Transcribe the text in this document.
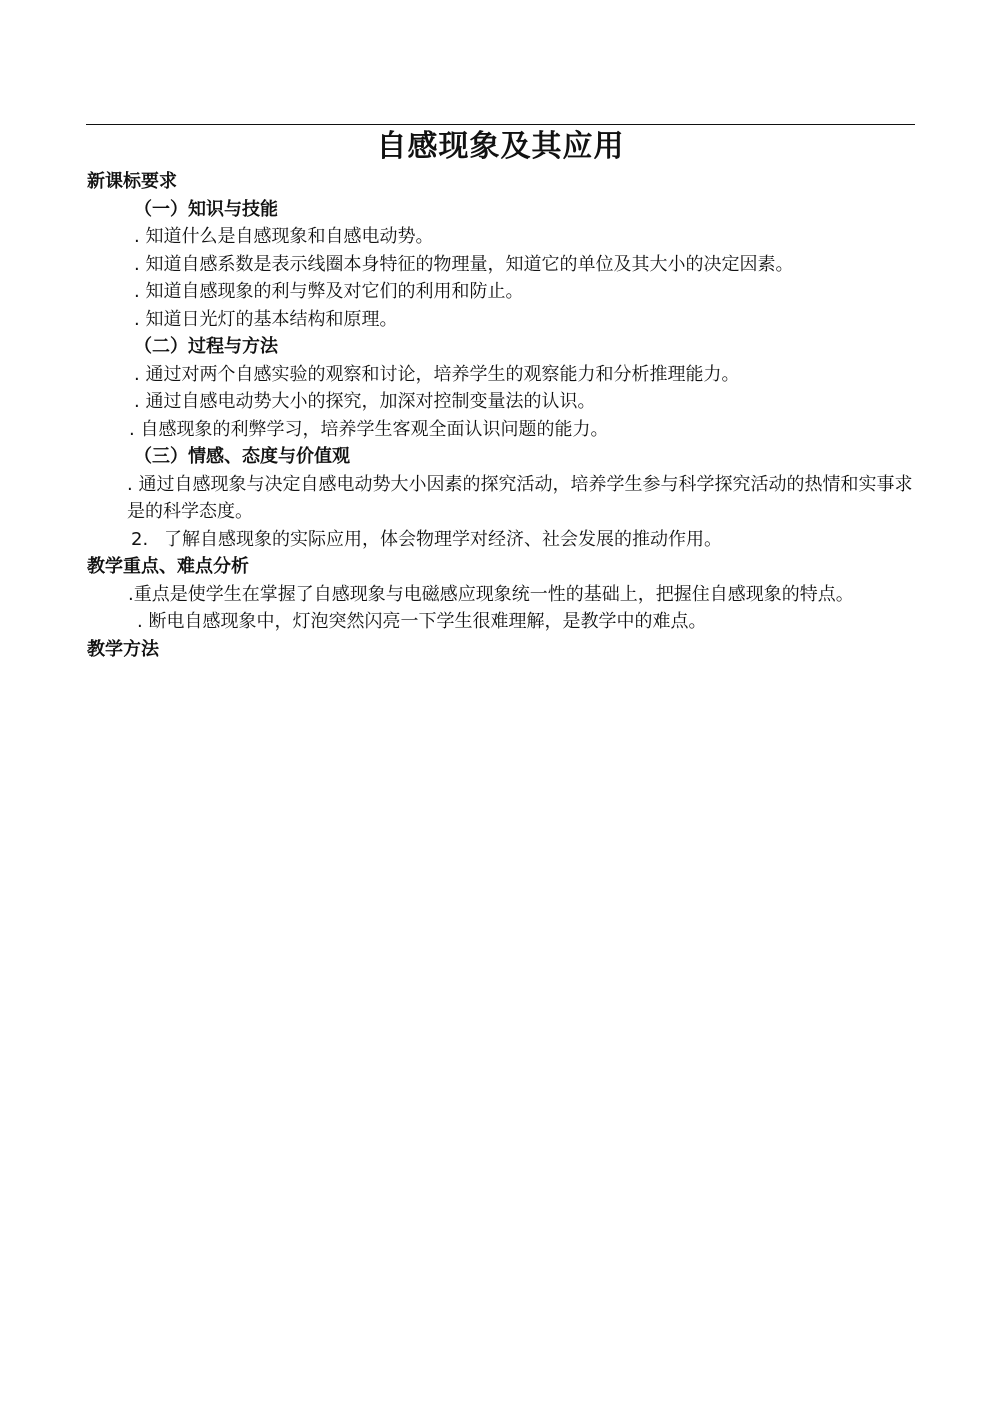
自感现象及其应用

新课标要求

（一）知识与技能

. 知道什么是自感现象和自感电动势。

. 知道自感系数是表示线圈本身特征的物理量，知道它的单位及其大小的决定因素。

. 知道自感现象的利与弊及对它们的利用和防止。

. 知道日光灯的基本结构和原理。

（二）过程与方法

. 通过对两个自感实验的观察和讨论，培养学生的观察能力和分析推理能力。

. 通过自感电动势大小的探究，加深对控制变量法的认识。

. 自感现象的利弊学习，培养学生客观全面认识问题的能力。

（三）情感、态度与价值观

. 通过自感现象与决定自感电动势大小因素的探究活动，培养学生参与科学探究活动的热情和实事求是的科学态度。

2. 了解自感现象的实际应用，体会物理学对经济、社会发展的推动作用。

教学重点、难点分析

.重点是使学生在掌握了自感现象与电磁感应现象统一性的基础上，把握住自感现象的特点。

. 断电自感现象中，灯泡突然闪亮一下学生很难理解，是教学中的难点。

教学方法
